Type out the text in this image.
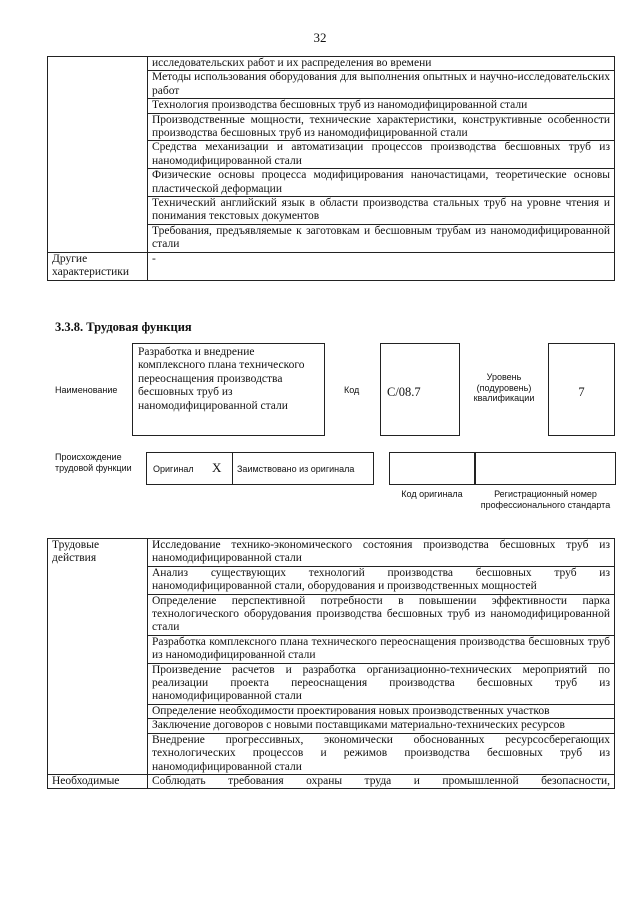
32
	исследовательских работ и их распределения во времени
	Методы использования оборудования для выполнения опытных и научно-исследовательских работ
	Технология производства бесшовных труб из наномодифицированной стали
	Производственные мощности, технические характеристики, конструктивные особенности производства бесшовных труб из наномодифицированной стали
	Средства механизации и автоматизации процессов производства бесшовных труб из наномодифицированной стали
	Физические основы процесса модифицирования наночастицами, теоретические основы пластической деформации
	Технический английский язык в области производства стальных труб на уровне чтения и понимания текстовых документов
	Требования, предъявляемые к заготовкам и бесшовным трубам из наномодифицированной стали
Другие характеристики	-
3.3.8. Трудовая функция
Наименование
Разработка и внедрение комплексного плана технического переоснащения производства бесшовных труб из наномодифицированной стали
Код	C/08.7
Уровень (подуровень) квалификации	7
Происхождение трудовой функции	Оригинал	X	Заимствовано из оригинала
Код оригинала	Регистрационный номер профессионального стандарта
Трудовые действия	Исследование технико-экономического состояния производства бесшовных труб из наномодифицированной стали
	Анализ существующих технологий производства бесшовных труб из наномодифицированной стали, оборудования и производственных мощностей
	Определение перспективной потребности в повышении эффективности парка технологического оборудования производства бесшовных труб из наномодифицированной стали
	Разработка комплексного плана технического переоснащения производства бесшовных труб из наномодифицированной стали
	Произведение расчетов и разработка организационно-технических мероприятий по реализации проекта переоснащения производства бесшовных труб из наномодифицированной стали
	Определение необходимости проектирования новых производственных участков
	Заключение договоров с новыми поставщиками материально-технических ресурсов
	Внедрение прогрессивных, экономически обоснованных ресурсосберегающих технологических процессов и режимов производства бесшовных труб из наномодифицированной стали
Необходимые	Соблюдать требования охраны труда и промышленной безопасности,
